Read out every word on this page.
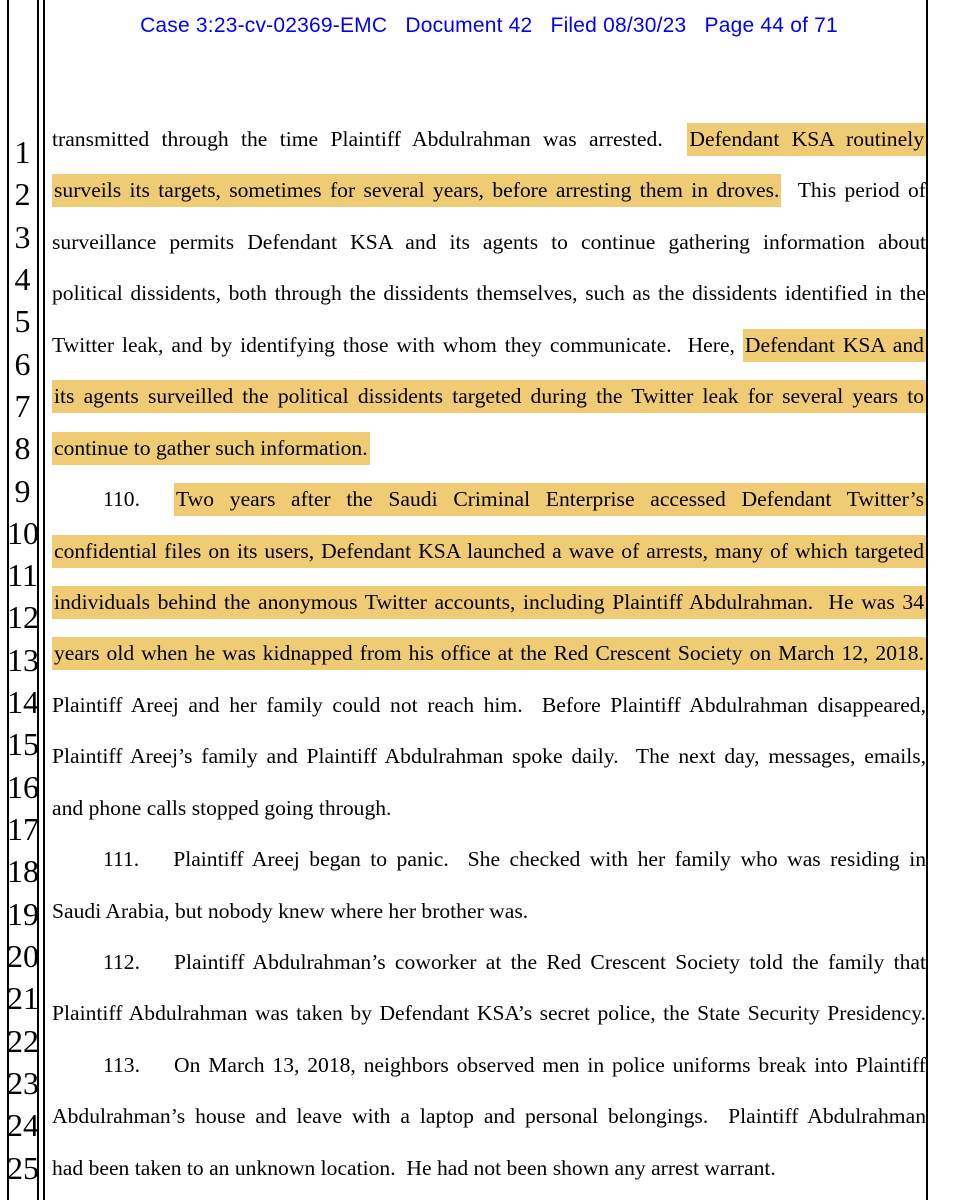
Case 3:23-cv-02369-EMC   Document 42   Filed 08/30/23   Page 44 of 71
1
2
3
4
5
6
7
8
9
10
11
12
13
14
15
16
17
18
19
20
21
22
23
24
25
transmitted through the time Plaintiff Abdulrahman was arrested.  Defendant KSA routinely
surveils its targets, sometimes for several years, before arresting them in droves.  This period of
surveillance permits Defendant KSA and its agents to continue gathering information about
political dissidents, both through the dissidents themselves, such as the dissidents identified in the
Twitter leak, and by identifying those with whom they communicate.  Here, Defendant KSA and
its agents surveilled the political dissidents targeted during the Twitter leak for several years to
continue to gather such information.
110. Two years after the Saudi Criminal Enterprise accessed Defendant Twitter’s
confidential files on its users, Defendant KSA launched a wave of arrests, many of which targeted
individuals behind the anonymous Twitter accounts, including Plaintiff Abdulrahman.  He was 34
years old when he was kidnapped from his office at the Red Crescent Society on March 12, 2018.
Plaintiff Areej and her family could not reach him.  Before Plaintiff Abdulrahman disappeared,
Plaintiff Areej’s family and Plaintiff Abdulrahman spoke daily.  The next day, messages, emails,
and phone calls stopped going through.
111. Plaintiff Areej began to panic.  She checked with her family who was residing in
Saudi Arabia, but nobody knew where her brother was.
112. Plaintiff Abdulrahman’s coworker at the Red Crescent Society told the family that
Plaintiff Abdulrahman was taken by Defendant KSA’s secret police, the State Security Presidency.
113. On March 13, 2018, neighbors observed men in police uniforms break into Plaintiff
Abdulrahman’s house and leave with a laptop and personal belongings.  Plaintiff Abdulrahman
had been taken to an unknown location.  He had not been shown any arrest warrant.
